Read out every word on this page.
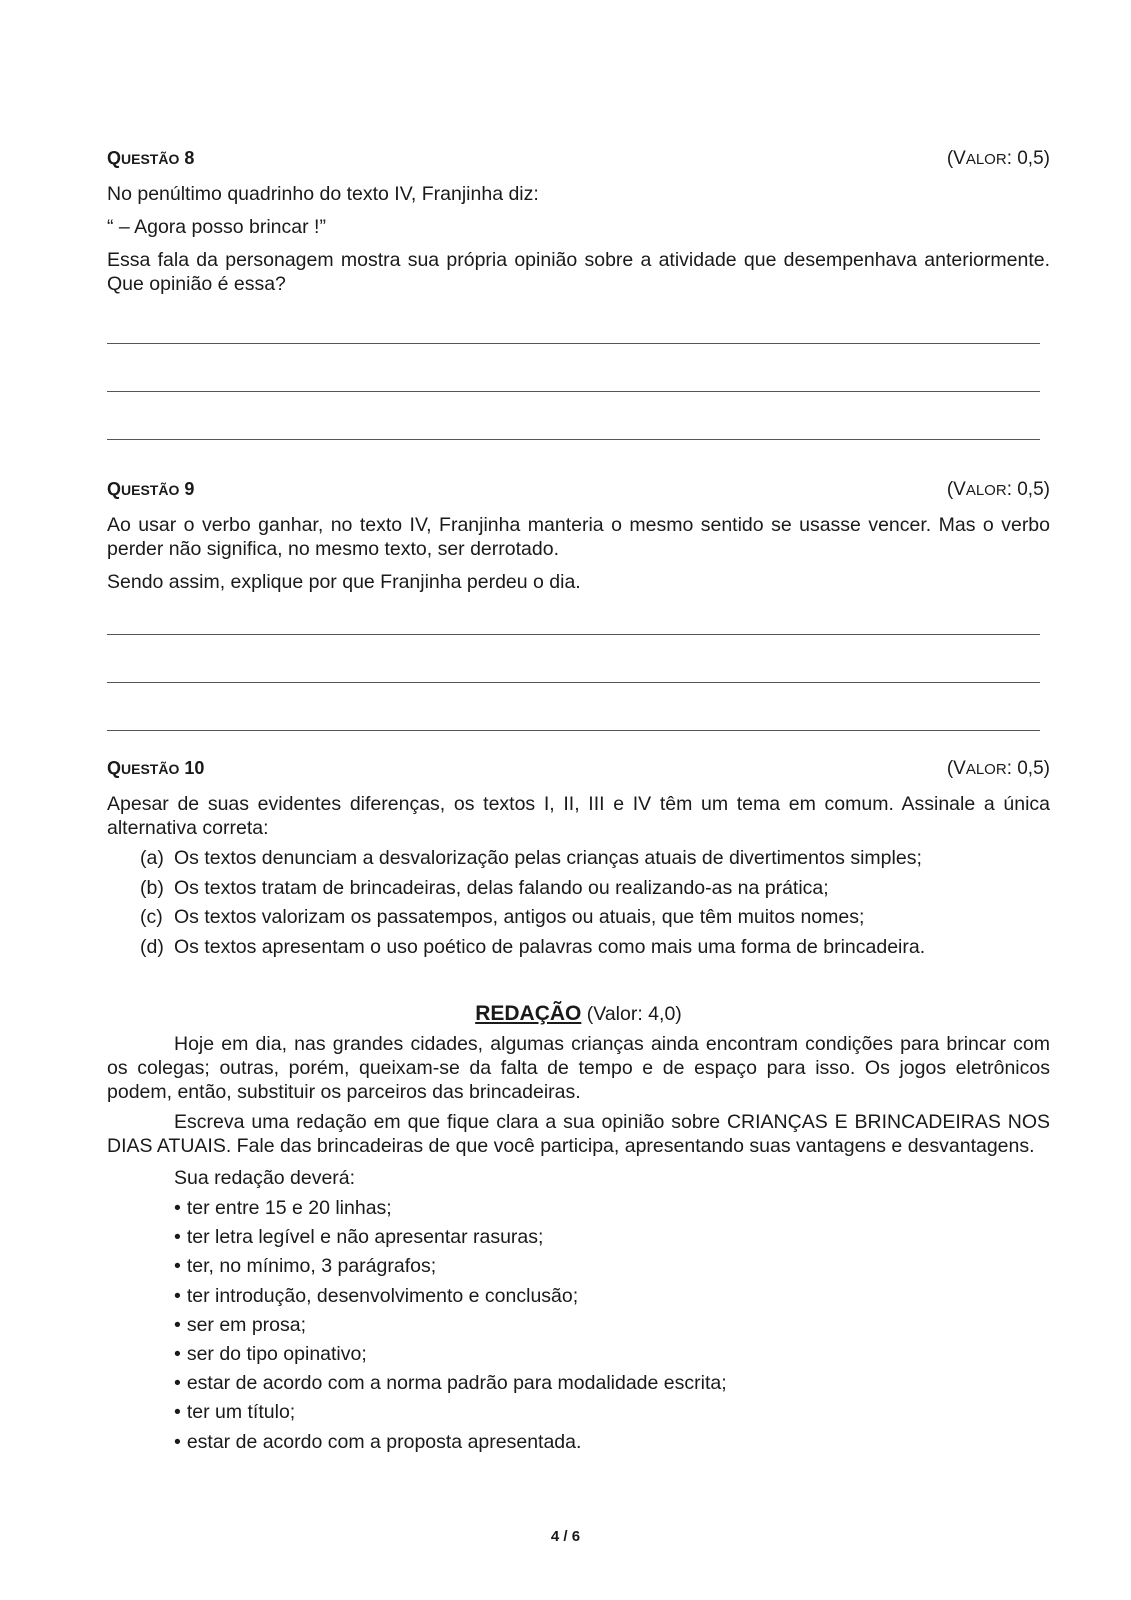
QUESTÃO 8	(VALOR: 0,5)

No penúltimo quadrinho do texto IV, Franjinha diz:

“ – Agora posso brincar !”

Essa fala da personagem mostra sua própria opinião sobre a atividade que desempenhava anteriormente. Que opinião é essa?

QUESTÃO 9	(VALOR: 0,5)

Ao usar o verbo ganhar, no texto IV, Franjinha manteria o mesmo sentido se usasse vencer. Mas o verbo perder não significa, no mesmo texto, ser derrotado.

Sendo assim, explique por que Franjinha perdeu o dia.

QUESTÃO 10	(VALOR: 0,5)

Apesar de suas evidentes diferenças, os textos I, II, III e IV têm um tema em comum. Assinale a única alternativa correta:

(a) Os textos denunciam a desvalorização pelas crianças atuais de divertimentos simples;
(b) Os textos tratam de brincadeiras, delas falando ou realizando-as na prática;
(c) Os textos valorizam os passatempos, antigos ou atuais, que têm muitos nomes;
(d) Os textos apresentam o uso poético de palavras como mais uma forma de brincadeira.
REDAÇÃO (Valor: 4,0)

Hoje em dia, nas grandes cidades, algumas crianças ainda encontram condições para brincar com os colegas; outras, porém, queixam-se da falta de tempo e de espaço para isso. Os jogos eletrônicos podem, então, substituir os parceiros das brincadeiras.

Escreva uma redação em que fique clara a sua opinião sobre CRIANÇAS E BRINCADEIRAS NOS DIAS ATUAIS. Fale das brincadeiras de que você participa, apresentando suas vantagens e desvantagens.

Sua redação deverá:

• ter entre 15 e 20 linhas;
• ter letra legível e não apresentar rasuras;
• ter, no mínimo, 3 parágrafos;
• ter introdução, desenvolvimento e conclusão;
• ser em prosa;
• ser do tipo opinativo;
• estar de acordo com a norma padrão para modalidade escrita;
• ter um título;
• estar de acordo com a proposta apresentada.
4 / 6
